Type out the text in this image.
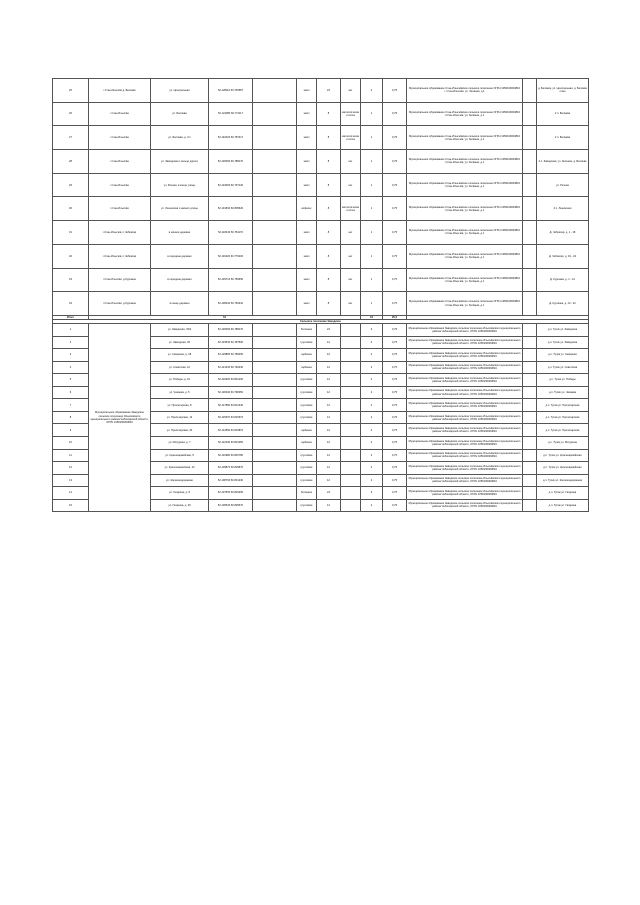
25	г.Стан-Ильичёв д. Беляевк	ул. Центральная	52.128110 60.745587		земл	24	нет	2	0,75	Муниципальное образование Стан-Ильичёвское сельское поселение ОГРН 1056160003816 г. Стан-Ильичёв, ул. Зелёная, д.1		д. Беляевк, ул. Центральная, д. Беляевк план
26	г.Стан-Ильичёв	ул. Беляева	52.124080 60.772117		земл	8	металлическая сетка	1	0,75	Муниципальное образование Стан-Ильичёвское сельское поселение ОГРН 1056160003816 г.Стан-Ильичёв, ул. Зелёная, д.1		2 п. Беляева
27	г.Стан-Ильичёв	ул. Беляева, д. 3.1	52.140020 60.787417		земл	8	металлическая сетка	1	0,75	Муниципальное образование Стан-Ильичёвское сельское поселение ОГРН 1056160003816 г.Стан-Ильичёв, ул. Зелёная, д.1		2 п. Беляева
28	г.Стан-Ильичёв	ул. Заводская и кольцо дороги	52.136090 60.788170		земл	8	нет	1	0,75	Муниципальное образование Стан-Ильичёвское сельское поселение ОГРН 1056160003816 г.Стан-Ильичёв, ул. Зелёная, д.1		2 п. Заводская, ул. Зеленая, д. Беляевк
29	г.Стан-Ильичёв	ул. Речная, в конце улицы	52.134090 60.797120		земл	8	нет	1	0,75	Муниципальное образование Стан-Ильичёвское сельское поселение ОГРН 1056160003816 г.Стан-Ильичёв, ул. Зелёная, д.1		ул. Речная
30	г.Стан-Ильичёв	ул. Ленинская и начало улицы	52.131840 60.805620		асфальт	8	металлическая сетка	1	0,75	Муниципальное образование Стан-Ильичёвское сельское поселение ОГРН 1056160003816 г.Стан-Ильичёв, ул. Зелёная, д.1		2 п. Ленинская
31	г.Стан-Ильичёв, п.Чебоксар	в начале деревни	52.118240 60.781170		земл	8	нет	1	0,75	Муниципальное образование Стан-Ильичёвское сельское поселение ОГРН 1056160003816 г.Стан-Ильичёв, ул. Зелёная, д.1		Д. Чебоксар, д. 1 - 18
32	г.Стан-Ильичёв, п.Чебоксар	в середине деревни	52.116420 60.776230		земл	8	нет	1	0,75	Муниципальное образование Стан-Ильичёвское сельское поселение ОГРН 1056160003816 г.Стан-Ильичёв, ул. Зелёная, д.1		Д. Чебоксар, д. 19 - 34
33	г.Стан-Ильичёв, д.Курганка	в середине деревни	52.139710 60.756650		земл	8	нет	1	0,75	Муниципальное образование Стан-Ильичёвское сельское поселение ОГРН 1056160003816 г.Стан-Ильичёв, ул. Зелёная, д.1		Д. Курганка, д. 1 - 12
34	г.Стан-Ильичёв, д.Курганка	в конце деревни	52.138040 60.760310		земл	8	нет	1	0,75	Муниципальное образование Стан-Ильичёвское сельское поселение ОГРН 1056160003816 г.Стан-Ильичёв, ул. Зелёная, д.1		Д. Курганка, д. 13 - 22
Итого	34							34	25,5			
Сельское поселение Заводское												
1	Муниципальное образование Заводское сельское поселение Ильичёвского муниципального района Чебоксарской области, ОГРН 1056160003824	ул. Заводская, 33/2	52.136090 60.788170		бетонное	24		3	0,75	Муниципальное образование Заводское сельское поселение Ильичёвского муниципального района Чебоксарской области, ОГРН 1056160003824		д.п. Тупик ул. Заводская
2		ул. Заводская, 30	52.133540 60.787560		грунтовое	12		2	0,75	Муниципальное образование Заводское сельское поселение Ильичёвского муниципального района Чебоксарской области, ОГРН 1056160003824		д.п. Тупик ул. Заводская
3		ул. Северная, д. 18	52.129880 60.789450		щебенка	12		2	0,75	Муниципальное образование Заводское сельское поселение Ильичёвского муниципального района Чебоксарской области, ОГРН 1056160003824		д.п. Тупик ул. Северная
4		ул. Советская, 12	52.121230 60.792430		щебенка	12		2	0,75	Муниципальное образование Заводское сельское поселение Ильичёвского муниципального района Чебоксарской области, ОГРН 1056160003824		д.п. Тупик ул. Советская
5		ул. Победы, д. 16	52.119620 60.801230		грунтовое	12		2	0,75	Муниципальное образование Заводское сельское поселение Ильичёвского муниципального района Чебоксарской области, ОГРН 1056160003824		д.п. Тупик ул. Победы
6		ул. Чапаева, д. 5	52.118240 60.798450		грунтовое	12		2	0,75	Муниципальное образование Заводское сельское поселение Ильичёвского муниципального района Чебоксарской области, ОГРН 1056160003824		д.п. Тупик ул. Чапаева
7		ул. Пролетарская, 8	52.117890 60.812340		грунтовое	12		2	0,75	Муниципальное образование Заводское сельское поселение Ильичёвского муниципального района Чебоксарской области, ОГРН 1056160003824		д.п. Тупик ул. Пролетарская
8		ул. Пролетарская, 12	52.115670 60.815670		грунтовое	12		2	0,75	Муниципальное образование Заводское сельское поселение Ильичёвского муниципального района Чебоксарской области, ОГРН 1056160003824		д.п. Тупик ул. Пролетарская
9		ул. Пролетарская, 20	52.114560 60.819870		щебенка	12		2	0,75	Муниципальное образование Заводское сельское поселение Ильичёвского муниципального района Чебоксарской области, ОГРН 1056160003824		д.п. Тупик ул. Пролетарская
10		ул. Мичурина, д. 7	52.112340 60.823450		щебенка	12		2	0,75	Муниципальное образование Заводское сельское поселение Ильичёвского муниципального района Чебоксарской области, ОГРН 1056160003824		д.п. Тупик ул. Мичурина
11		ул. Красноармейская, 5	52.110980 60.826780		грунтовое	12		2	0,75	Муниципальное образование Заводское сельское поселение Ильичёвского муниципального района Чебоксарской области, ОГРН 1056160003824		д.п. Тупик ул. Красноармейская
12		ул. Красноармейская, 14	52.109870 60.829870		грунтовое	12		2	0,75	Муниципальное образование Заводское сельское поселение Ильичёвского муниципального района Чебоксарской области, ОГРН 1056160003824		д.п. Тупик ул. Красноармейская
13		ул. Железнодорожная	52.108760 60.831230		грунтовое	12		2	0,75	Муниципальное образование Заводское сельское поселение Ильичёвского муниципального района Чебоксарской области, ОГРН 1056160003824		д.п. Тупик ул. Железнодорожная
14		ул. Гагарина, д. 8	52.107650 60.833450		бетонное	24		3	0,75	Муниципальное образование Заводское сельское поселение Ильичёвского муниципального района Чебоксарской области, ОГРН 1056160003824		д.п. Тупик ул. Гагарина
15		ул. Гагарина, д. 26	52.106540 60.835670		грунтовое	12		2	0,75	Муниципальное образование Заводское сельское поселение Ильичёвского муниципального района Чебоксарской области, ОГРН 1056160003824		д.п. Тупик ул. Гагарина
